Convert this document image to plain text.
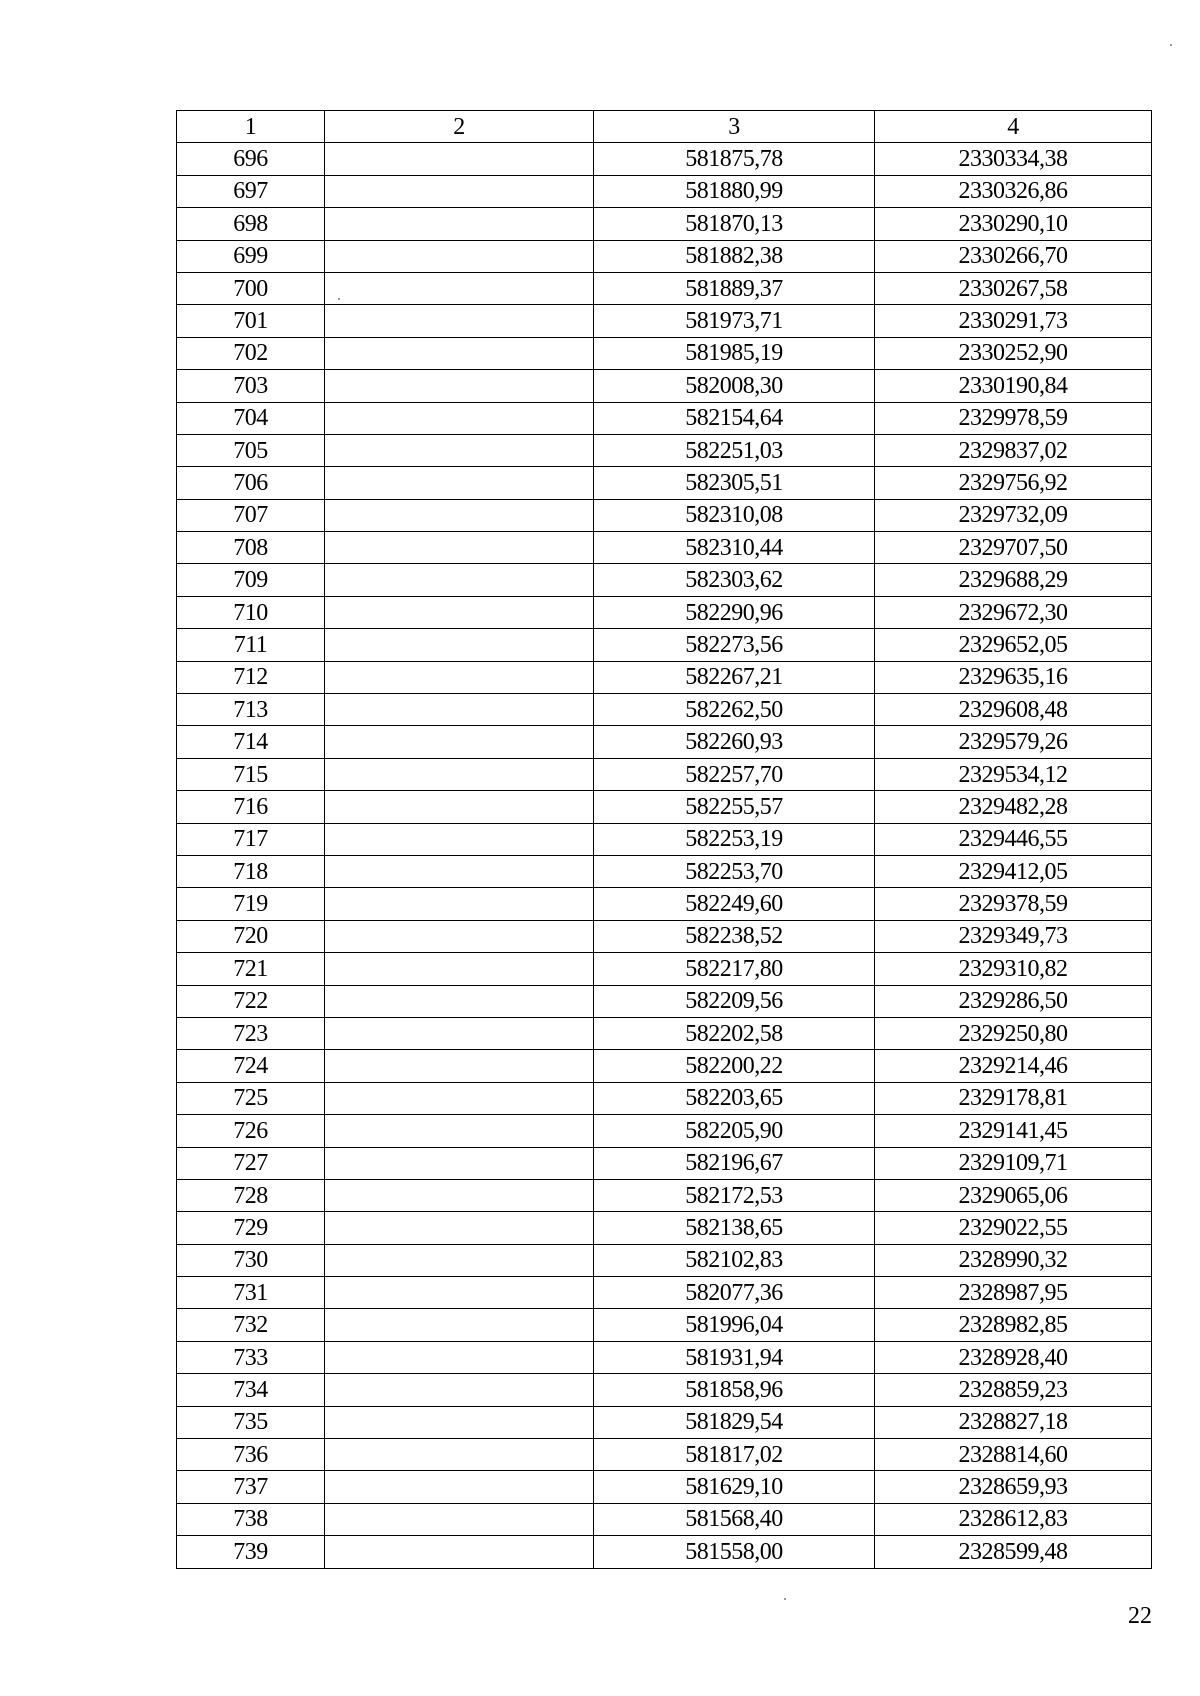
1	2	3	4
696		581875,78	2330334,38
697		581880,99	2330326,86
698		581870,13	2330290,10
699		581882,38	2330266,70
700		581889,37	2330267,58
701		581973,71	2330291,73
702		581985,19	2330252,90
703		582008,30	2330190,84
704		582154,64	2329978,59
705		582251,03	2329837,02
706		582305,51	2329756,92
707		582310,08	2329732,09
708		582310,44	2329707,50
709		582303,62	2329688,29
710		582290,96	2329672,30
711		582273,56	2329652,05
712		582267,21	2329635,16
713		582262,50	2329608,48
714		582260,93	2329579,26
715		582257,70	2329534,12
716		582255,57	2329482,28
717		582253,19	2329446,55
718		582253,70	2329412,05
719		582249,60	2329378,59
720		582238,52	2329349,73
721		582217,80	2329310,82
722		582209,56	2329286,50
723		582202,58	2329250,80
724		582200,22	2329214,46
725		582203,65	2329178,81
726		582205,90	2329141,45
727		582196,67	2329109,71
728		582172,53	2329065,06
729		582138,65	2329022,55
730		582102,83	2328990,32
731		582077,36	2328987,95
732		581996,04	2328982,85
733		581931,94	2328928,40
734		581858,96	2328859,23
735		581829,54	2328827,18
736		581817,02	2328814,60
737		581629,10	2328659,93
738		581568,40	2328612,83
739		581558,00	2328599,48
22
